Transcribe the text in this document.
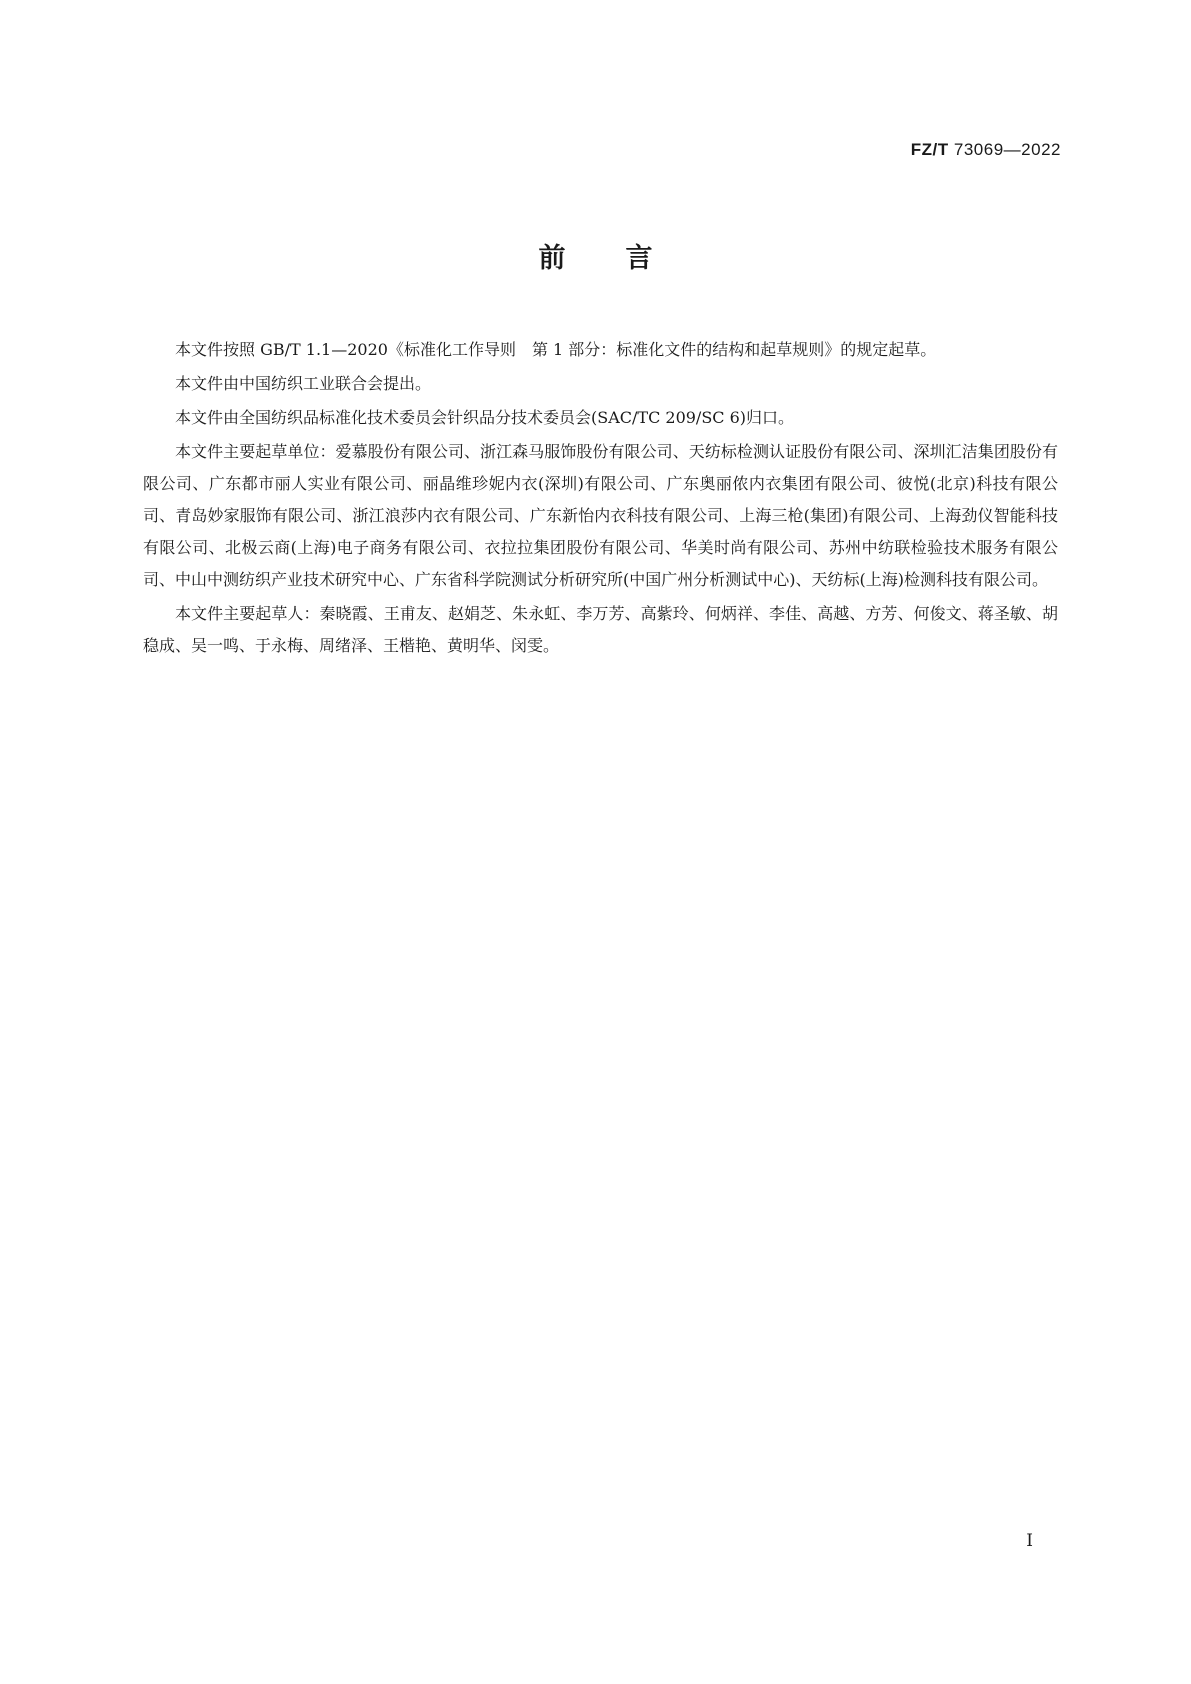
FZ/T 73069—2022
前 言

本文件按照 GB/T 1.1—2020《标准化工作导则　第 1 部分：标准化文件的结构和起草规则》的规定起草。

本文件由中国纺织工业联合会提出。

本文件由全国纺织品标准化技术委员会针织品分技术委员会(SAC/TC 209/SC 6)归口。

本文件主要起草单位：爱慕股份有限公司、浙江森马服饰股份有限公司、天纺标检测认证股份有限公司、深圳汇洁集团股份有限公司、广东都市丽人实业有限公司、丽晶维珍妮内衣(深圳)有限公司、广东奥丽侬内衣集团有限公司、彼悦(北京)科技有限公司、青岛妙家服饰有限公司、浙江浪莎内衣有限公司、广东新怡内衣科技有限公司、上海三枪(集团)有限公司、上海劲仪智能科技有限公司、北极云商(上海)电子商务有限公司、衣拉拉集团股份有限公司、华美时尚有限公司、苏州中纺联检验技术服务有限公司、中山中测纺织产业技术研究中心、广东省科学院测试分析研究所(中国广州分析测试中心)、天纺标(上海)检测科技有限公司。

本文件主要起草人：秦晓霞、王甫友、赵娟芝、朱永虹、李万芳、高紫玲、何炳祥、李佳、高越、方芳、何俊文、蒋圣敏、胡稳成、吴一鸣、于永梅、周绪泽、王楷艳、黄明华、闵雯。

I
